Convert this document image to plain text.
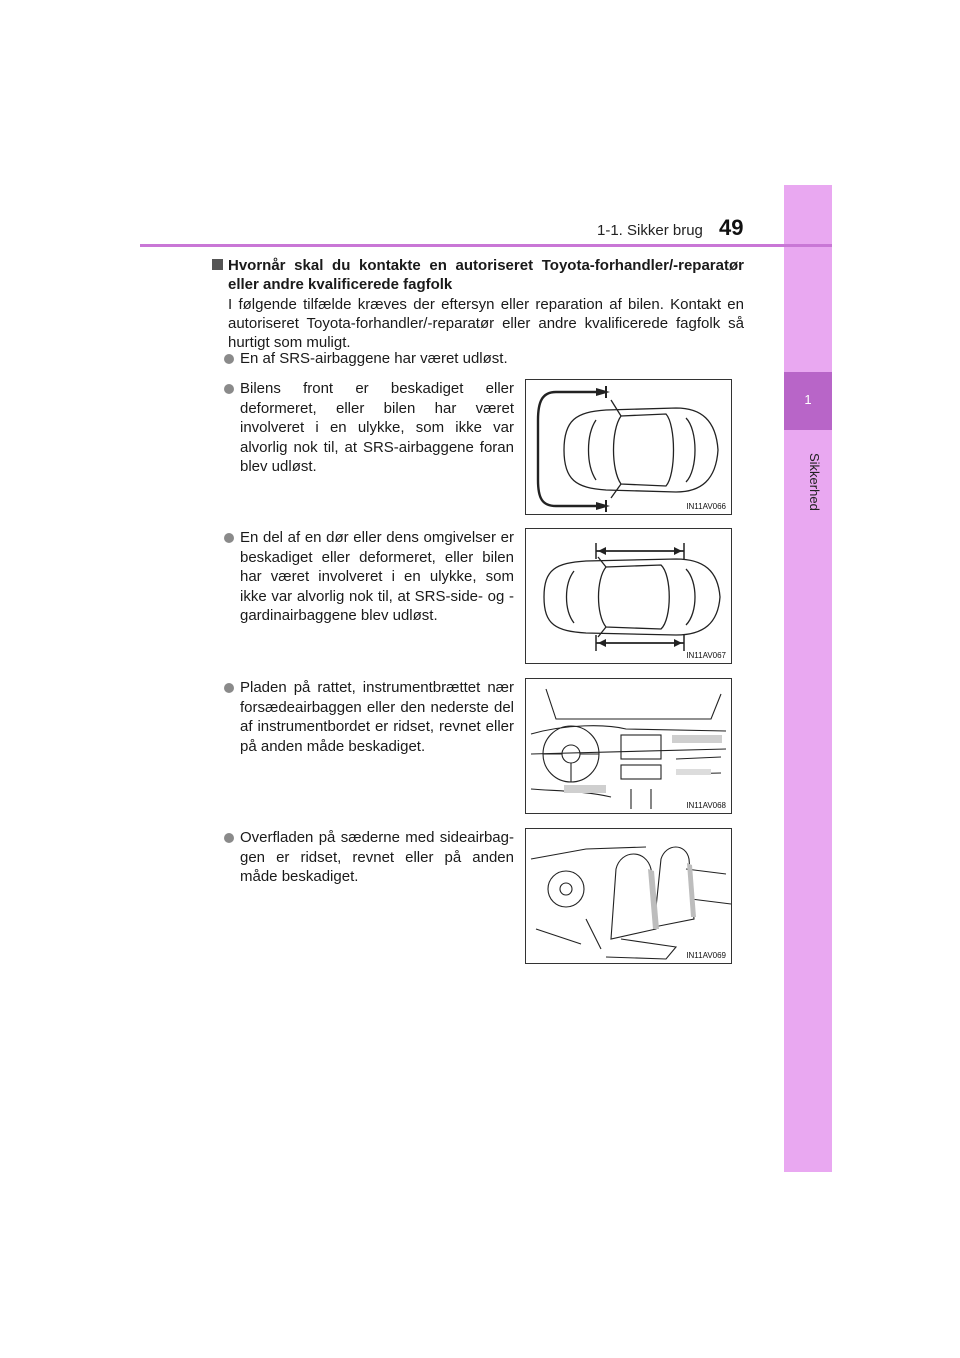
1
Sikkerhed
1-1. Sikker brug 49
Hvornår skal du kontakte en autoriseret Toyota-forhandler/-reparatør eller andre kvalificerede fagfolk
I følgende tilfælde kræves der eftersyn eller reparation af bilen. Kontakt en autoriseret Toyota-forhandler/-reparatør eller andre kvalificerede fagfolk så hurtigt som muligt.
En af SRS-airbaggene har været udløst.
Bilens front er beskadiget eller deformeret, eller bilen har været involveret i en ulykke, som ikke var alvorlig nok til, at SRS-airbaggene foran blev udløst.
IN11AV066
En del af en dør eller dens omgivelser er beskadiget eller deformeret, eller bilen har været involveret i en ulykke, som ikke var alvorlig nok til, at SRS-side- og -gardinairbaggene blev udløst.
IN11AV067
Pladen på rattet, instrumentbrættet nær forsædeairbaggen eller den nederste del af instrumentbordet er ridset, revnet eller på anden måde beskadiget.
IN11AV068
Overfladen på sæderne med sideairbag-gen er ridset, revnet eller på anden måde beskadiget.
IN11AV069
